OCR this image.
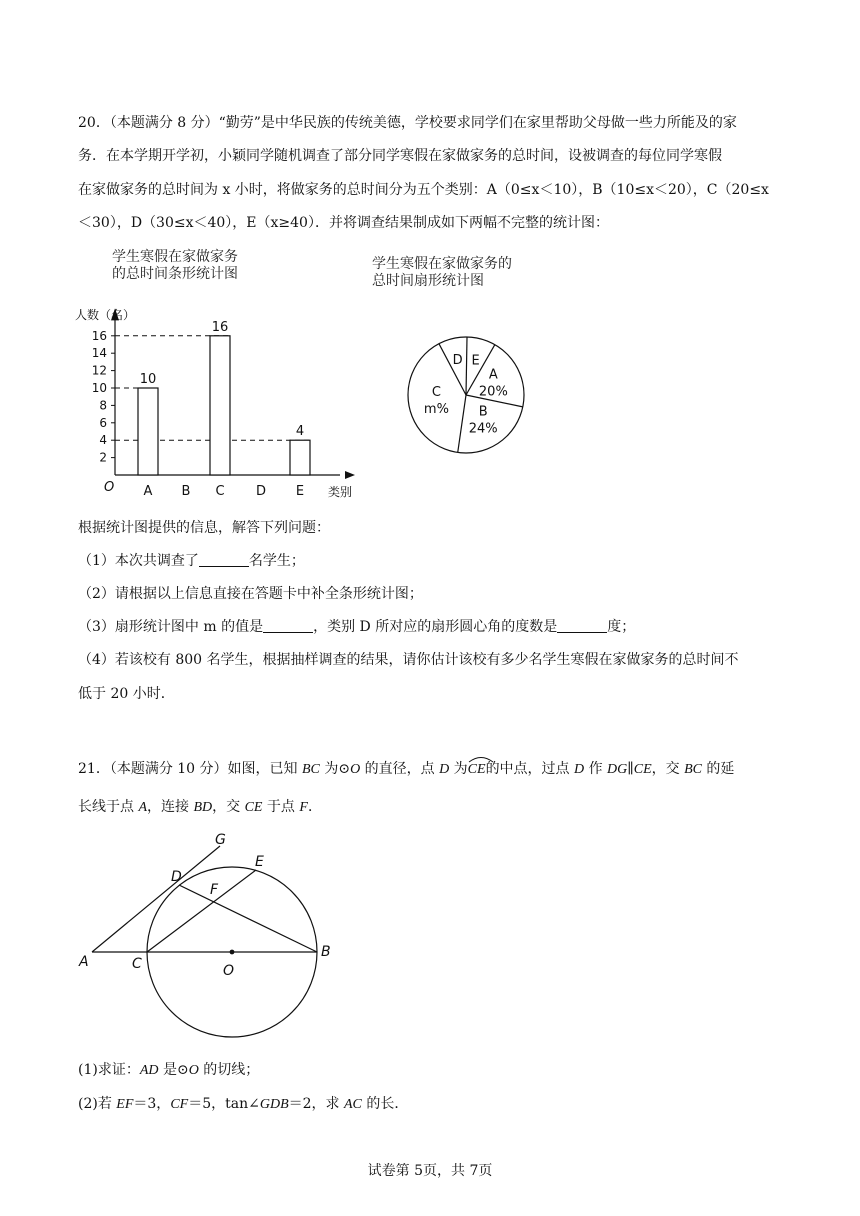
20．（本题满分 8 分）“勤劳”是中华民族的传统美德，学校要求同学们在家里帮助父母做一些力所能及的家
务．在本学期开学初，小颖同学随机调查了部分同学寒假在家做家务的总时间，设被调查的每位同学寒假
在家做家务的总时间为 x 小时，将做家务的总时间分为五个类别：A（0≤x＜10），B（10≤x＜20），C（20≤x
＜30），D（30≤x＜40），E（x≥40）．并将调查结果制成如下两幅不完整的统计图：
学生寒假在家做家务
的总时间条形统计图
学生寒假在家做家务的
总时间扇形统计图
人数（名）
类别
O
2
4
6
8
10
12
14
16
A
10
B C
16
D E
4
E
A
20%
B
24%
C
m%
D
根据统计图提供的信息，解答下列问题：
（1）本次共调查了	名学生；
（2）请根据以上信息直接在答题卡中补全条形统计图；
（3）扇形统计图中 m 的值是	，类别 D 所对应的扇形圆心角的度数是	度；
（4）若该校有 800 名学生，根据抽样调查的结果，请你估计该校有多少名学生寒假在家做家务的总时间不
低于 20 小时．
21．（本题满分 10 分）如图，已知 BC 为⊙O 的直径，点 D 为
CE的中点，过点 D 作 DG∥CE，交 BC 的延
长线于点 A，连接 BD，交 CE 于点 F．
G
E
D
F
A	C	O
B
(1)求证：AD 是⊙O 的切线；
(2)若 EF＝3，CF＝5，tan∠GDB＝2，求 AC 的长．
试卷第 5页，共 7页
